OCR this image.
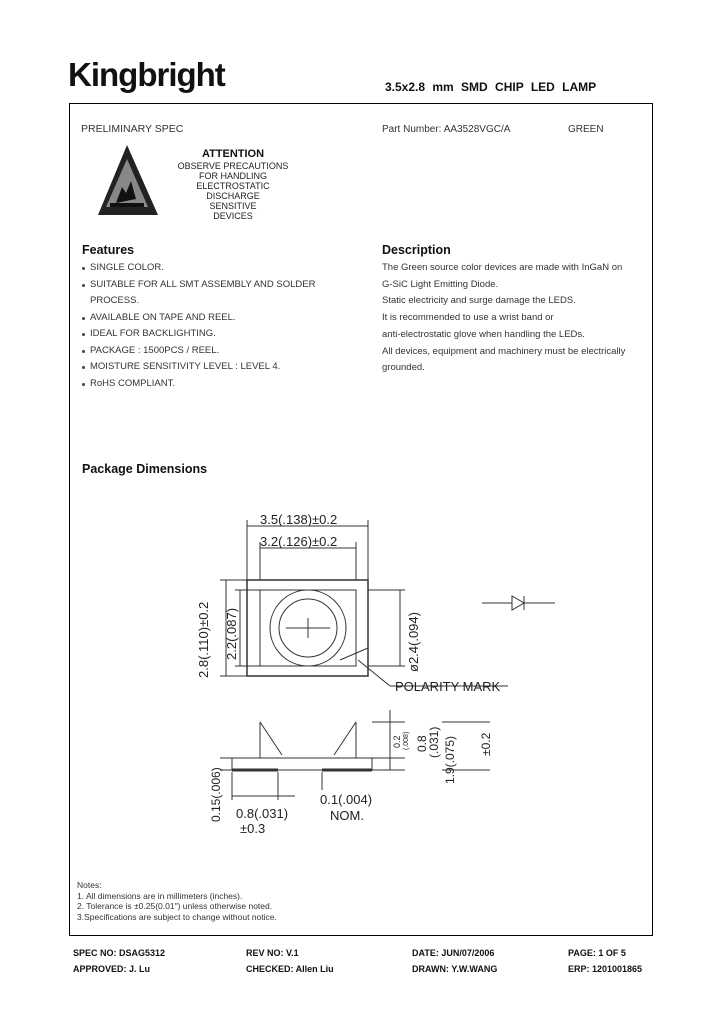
Kingbright	3.5x2.8 mm SMD CHIP LED LAMP
PRELIMINARY SPEC	Part Number: AA3528VGC/A	GREEN
ATTENTION
OBSERVE PRECAUTIONS
FOR HANDLING
ELECTROSTATIC
DISCHARGE
SENSITIVE
DEVICES
Features
SINGLE COLOR.
SUITABLE FOR ALL SMT ASSEMBLY AND SOLDER
PROCESS.
AVAILABLE ON TAPE AND REEL.
IDEAL FOR BACKLIGHTING.
PACKAGE : 1500PCS / REEL.
MOISTURE SENSITIVITY LEVEL : LEVEL 4.
RoHS COMPLIANT.
Description

The Green source color devices are made with InGaN on

G-SiC Light Emitting Diode.

Static electricity and surge damage the LEDS.

It is recommended to use a wrist band or

anti-electrostatic glove when handling the LEDs.

All devices, equipment and machinery must be electrically

grounded.

Package Dimensions
3.5(.138)±0.2
3.2(.126)±0.2
2.8(.110)±0.2 2.2(.087)	ø2.4(.094)
POLARITY MARK
0.2 (.008) 0.8
(.031) 1.9(.075) ±0.2
0.15(.006) 0.8(.031)
±0.3
0.1(.004)
NOM.
Notes:
1. All dimensions are in millimeters (inches).
2. Tolerance is ±0.25(0.01") unless otherwise noted.
3.Specifications are subject to change without notice.
SPEC NO: DSAG5312	REV NO: V.1	DATE: JUN/07/2006	PAGE: 1 OF 5
APPROVED: J. Lu	CHECKED: Allen Liu	DRAWN: Y.W.WANG	ERP: 1201001865
